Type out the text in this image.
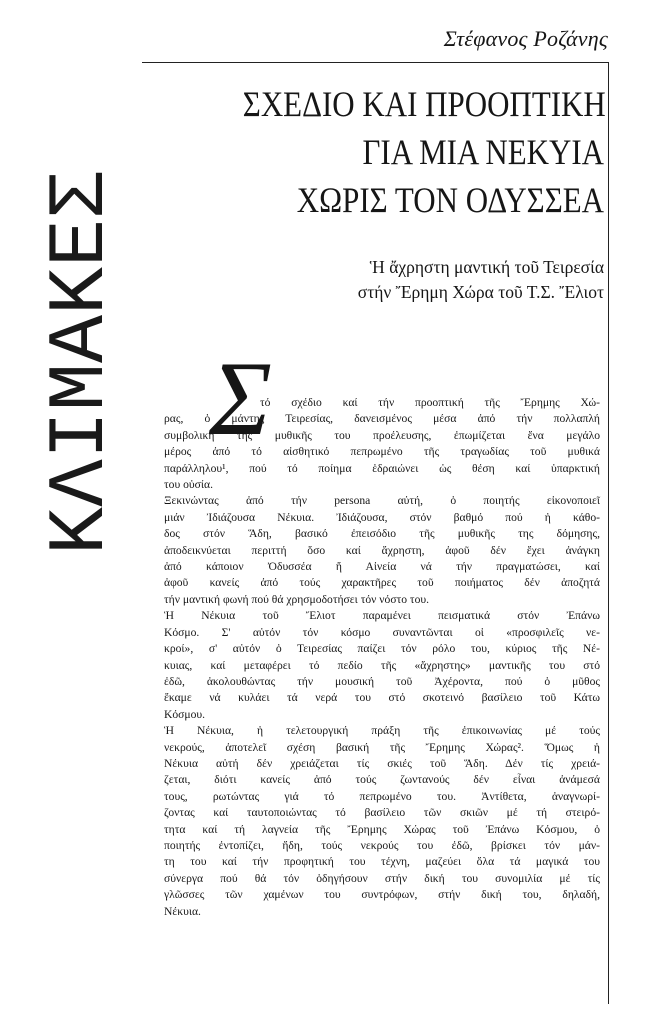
Στέφανος Ροζάνης
ΚΛΙΜΑΚΕΣ
ΣΧΕΔΙΟ ΚΑΙ ΠΡΟΟΠΤΙΚΗ
ΓΙΑ ΜΙΑ ΝΕΚΥΙΑ
ΧΩΡΙΣ ΤΟΝ ΟΔΥΣΣΕΑ
Ἡ ἄχρηστη μαντική τοῦ Τειρεσία
στήν Ἔρημη Χώρα τοῦ Τ.Σ. Ἔλιοτ
Σ
τό σχέδιο καί τήν προοπτική τῆς Ἔρημης Χώ-
ρας, ὁ μάντης Τειρεσίας, δανεισμένος μέσα ἀπό τήν πολλαπλή
συμβολική τῆς μυθικῆς του προέλευσης, ἐπωμίζεται ἕνα μεγάλο
μέρος ἀπό τό αἰσθητικό πεπρωμένο τῆς τραγωδίας τοῦ μυθικά
παράλληλου¹, πού τό ποίημα ἑδραιώνει ὡς θέση καί ὑπαρκτική
του οὐσία.
Ξεκινώντας ἀπό τήν persona αὐτή, ὁ ποιητής εἰκονοποιεῖ
μιάν Ἰδιάζουσα Νέκυια. Ἰδιάζουσα, στόν βαθμό πού ἡ κάθο-
δος στόν Ἅδη, βασικό ἐπεισόδιο τῆς μυθικῆς της δόμησης,
ἀποδεικνύεται περιττή ὅσο καί ἄχρηστη, ἀφοῦ δέν ἔχει ἀνάγκη
ἀπό κάποιον Ὀδυσσέα ἤ Αἰνεία νά τήν πραγματώσει, καί
ἀφοῦ κανείς ἀπό τούς χαρακτῆρες τοῦ ποιήματος δέν ἀποζητά
τήν μαντική φωνή πού θά χρησμοδοτήσει τόν νόστο του.
Ἡ Νέκυια τοῦ Ἔλιοτ παραμένει πεισματικά στόν Ἐπάνω
Κόσμο. Σ' αὐτόν τόν κόσμο συναντῶνται οἱ «προσφιλεῖς νε-
κροί», σ' αὐτόν ὁ Τειρεσίας παίζει τόν ρόλο του, κύριος τῆς Νέ-
κυιας, καί μεταφέρει τό πεδίο τῆς «ἄχρηστης» μαντικῆς του στό
ἐδῶ, ἀκολουθώντας τήν μουσική τοῦ Ἀχέροντα, πού ὁ μῦθος
ἔκαμε νά κυλάει τά νερά του στό σκοτεινό βασίλειο τοῦ Κάτω
Κόσμου.
Ἡ Νέκυια, ἡ τελετουργική πράξη τῆς ἐπικοινωνίας μέ τούς
νεκρούς, ἀποτελεῖ σχέση βασική τῆς Ἔρημης Χώρας². Ὅμως ἡ
Νέκυια αὐτή δέν χρειάζεται τίς σκιές τοῦ Ἅδη. Δέν τίς χρειά-
ζεται, διότι κανείς ἀπό τούς ζωντανούς δέν εἶναι ἀνάμεσά
τους, ρωτώντας γιά τό πεπρωμένο του. Ἀντίθετα, ἀναγνωρί-
ζοντας καί ταυτοποιώντας τό βασίλειο τῶν σκιῶν μέ τή στειρό-
τητα καί τή λαγνεία τῆς Ἔρημης Χώρας τοῦ Ἐπάνω Κόσμου, ὁ
ποιητής ἐντοπίζει, ἤδη, τούς νεκρούς του ἐδῶ, βρίσκει τόν μάν-
τη του καί τήν προφητική του τέχνη, μαζεύει ὅλα τά μαγικά του
σύνεργα πού θά τόν ὁδηγήσουν στήν δική του συνομιλία μέ τίς
γλῶσσες τῶν χαμένων του συντρόφων, στήν δική του, δηλαδή,
Νέκυια.
